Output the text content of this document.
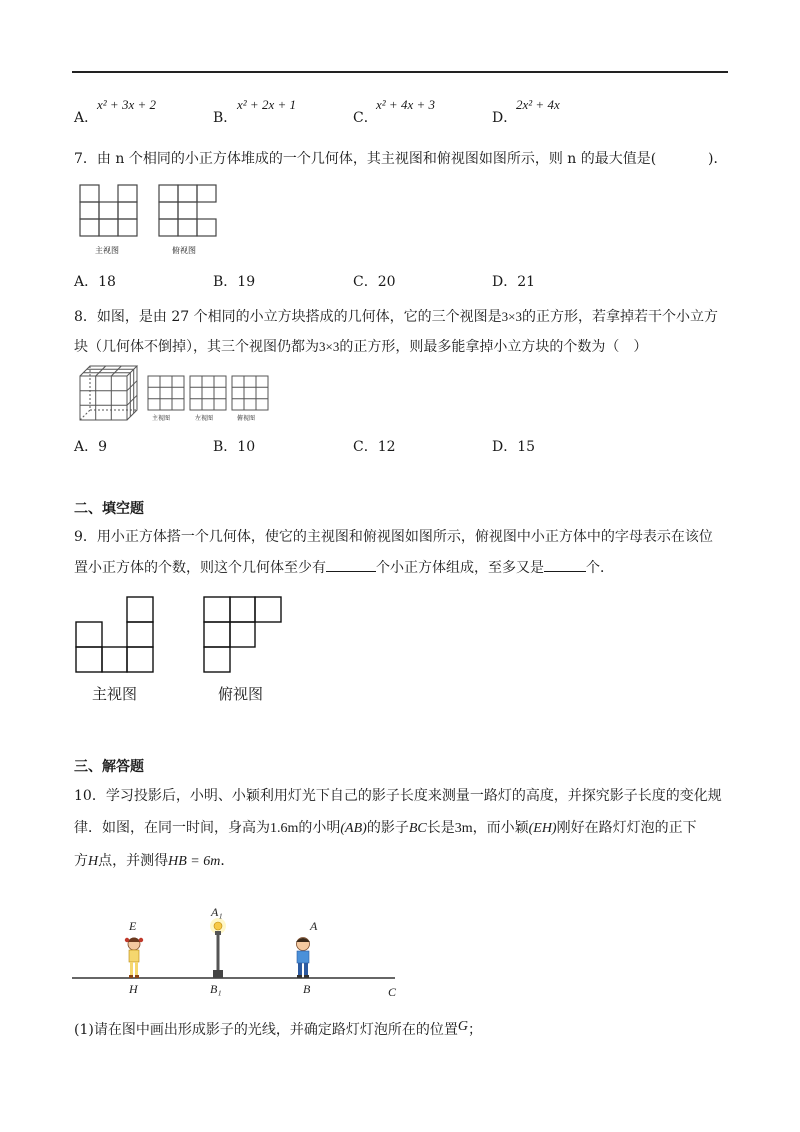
A．
x² + 3x + 2
B．
x² + 2x + 1
C．
x² + 4x + 3
D．
2x² + 4x
7．由 n 个相同的小正方体堆成的一个几何体，其主视图和俯视图如图所示，则 n 的最大值是(	)．
主视图	俯视图
A．18	B．19	C．20	D．21
8．如图，是由 27 个相同的小立方块搭成的几何体，它的三个视图是3×3的正方形，若拿掉若干个小立方
块（几何体不倒掉），其三个视图仍都为3×3的正方形，则最多能拿掉小立方块的个数为（　）
主视图	左视图	俯视图
A．9	B．10	C．12	D．15
二、填空题
9．用小正方体搭一个几何体，使它的主视图和俯视图如图所示，俯视图中小正方体中的字母表示在该位
置小正方体的个数，则这个几何体至少有	个小正方体组成，至多又是	个．
主视图	俯视图
三、解答题
10．学习投影后，小明、小颖利用灯光下自己的影子长度来测量一路灯的高度，并探究影子长度的变化规
律．如图，在同一时间，身高为1.6m的小明(AB)的影子BC长是3m，而小颖(EH)刚好在路灯灯泡的正下
方H点，并测得HB = 6m．
E
A₁
A
H	B₁	B	C
(1)请在图中画出形成影子的光线，并确定路灯灯泡所在的位置G；
